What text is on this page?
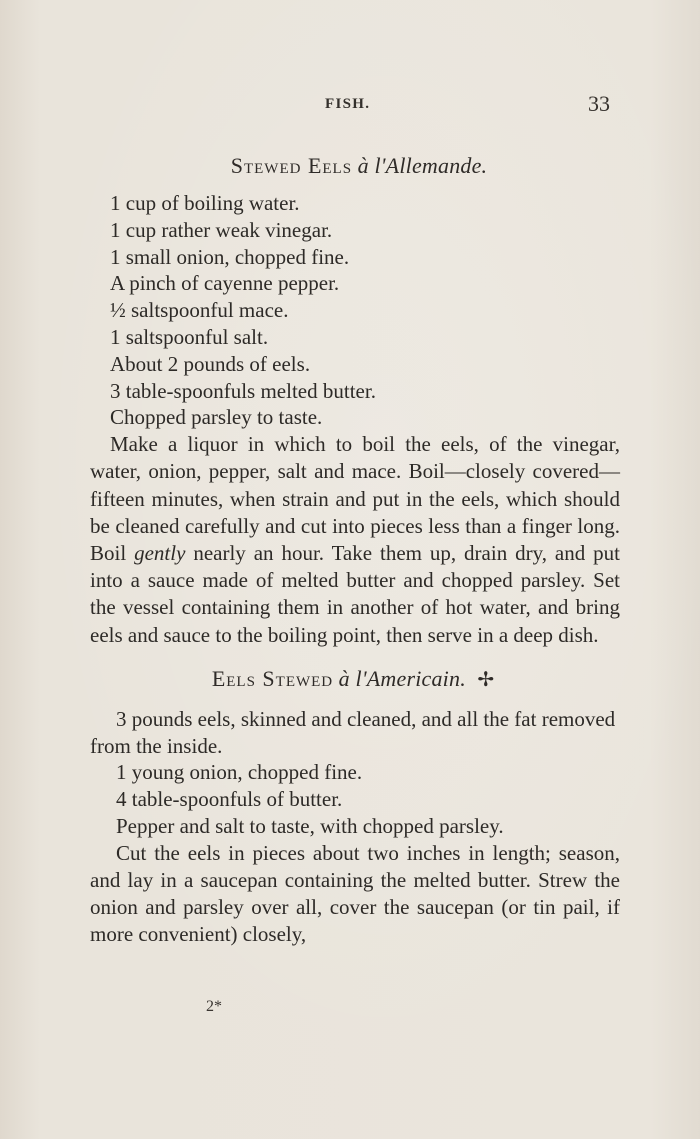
FISH.	33
Stewed Eels à l'Allemande.
1 cup of boiling water.
1 cup rather weak vinegar.
1 small onion, chopped fine.
A pinch of cayenne pepper.
½ saltspoonful mace.
1 saltspoonful salt.
About 2 pounds of eels.
3 table-spoonfuls melted butter.
Chopped parsley to taste.

Make a liquor in which to boil the eels, of the vinegar, water, onion, pepper, salt and mace. Boil—closely covered—fifteen minutes, when strain and put in the eels, which should be cleaned carefully and cut into pieces less than a finger long. Boil gently nearly an hour. Take them up, drain dry, and put into a sauce made of melted butter and chopped parsley. Set the vessel containing them in another of hot water, and bring eels and sauce to the boiling point, then serve in a deep dish.

Eels Stewed à l'Americain. ✢
3 pounds eels, skinned and cleaned, and all the fat removed from the inside.
1 young onion, chopped fine.
4 table-spoonfuls of butter.
Pepper and salt to taste, with chopped parsley.

Cut the eels in pieces about two inches in length; season, and lay in a saucepan containing the melted butter. Strew the onion and parsley over all, cover the saucepan (or tin pail, if more convenient) closely,

2*
